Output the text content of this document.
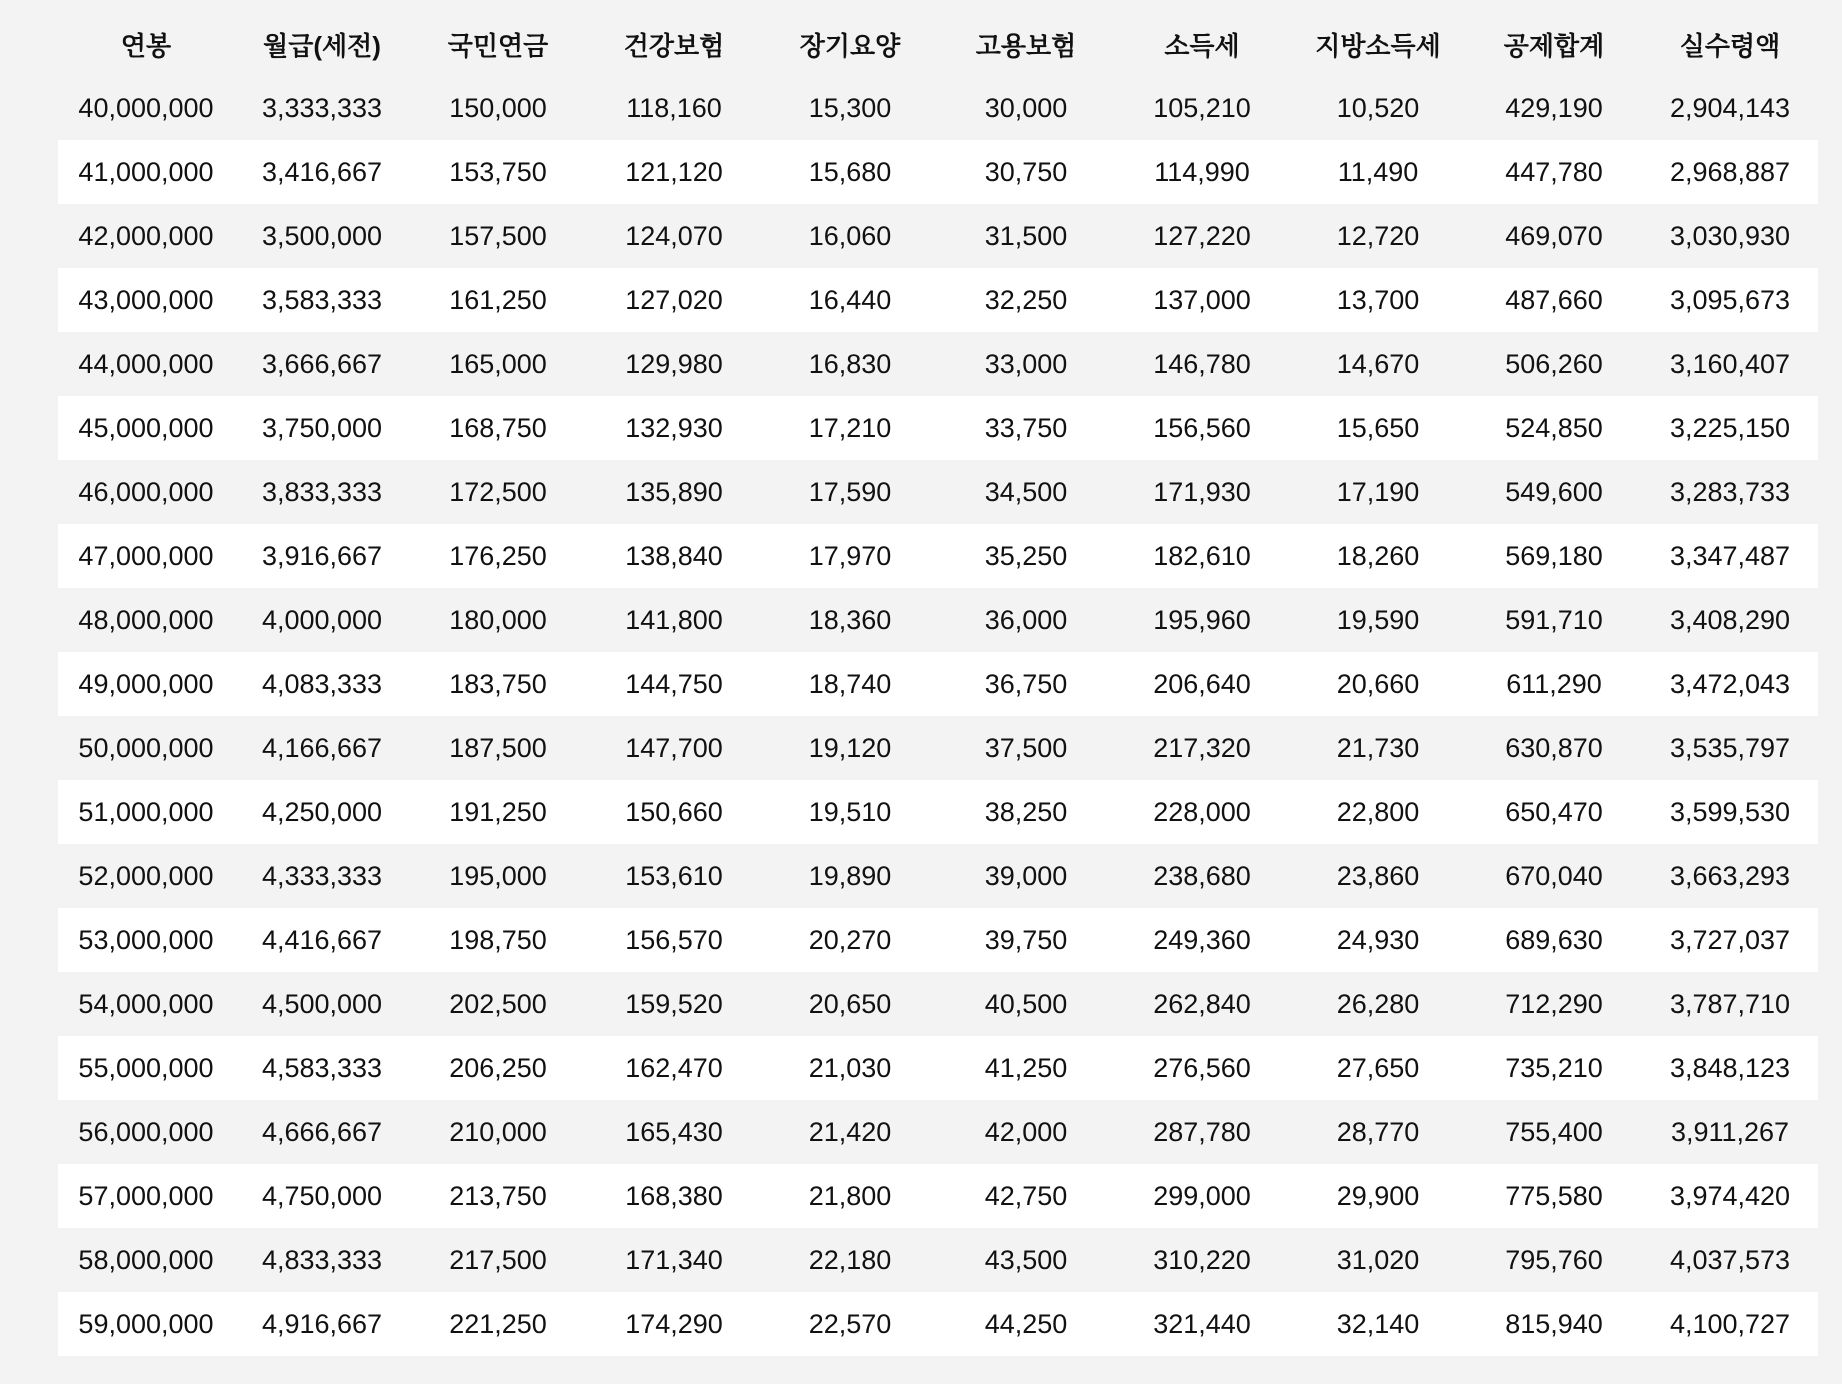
연봉	월급(세전)	국민연금	건강보험	장기요양	고용보험	소득세	지방소득세	공제합계	실수령액
40,000,000	3,333,333	150,000	118,160	15,300	30,000	105,210	10,520	429,190	2,904,143
41,000,000	3,416,667	153,750	121,120	15,680	30,750	114,990	11,490	447,780	2,968,887
42,000,000	3,500,000	157,500	124,070	16,060	31,500	127,220	12,720	469,070	3,030,930
43,000,000	3,583,333	161,250	127,020	16,440	32,250	137,000	13,700	487,660	3,095,673
44,000,000	3,666,667	165,000	129,980	16,830	33,000	146,780	14,670	506,260	3,160,407
45,000,000	3,750,000	168,750	132,930	17,210	33,750	156,560	15,650	524,850	3,225,150
46,000,000	3,833,333	172,500	135,890	17,590	34,500	171,930	17,190	549,600	3,283,733
47,000,000	3,916,667	176,250	138,840	17,970	35,250	182,610	18,260	569,180	3,347,487
48,000,000	4,000,000	180,000	141,800	18,360	36,000	195,960	19,590	591,710	3,408,290
49,000,000	4,083,333	183,750	144,750	18,740	36,750	206,640	20,660	611,290	3,472,043
50,000,000	4,166,667	187,500	147,700	19,120	37,500	217,320	21,730	630,870	3,535,797
51,000,000	4,250,000	191,250	150,660	19,510	38,250	228,000	22,800	650,470	3,599,530
52,000,000	4,333,333	195,000	153,610	19,890	39,000	238,680	23,860	670,040	3,663,293
53,000,000	4,416,667	198,750	156,570	20,270	39,750	249,360	24,930	689,630	3,727,037
54,000,000	4,500,000	202,500	159,520	20,650	40,500	262,840	26,280	712,290	3,787,710
55,000,000	4,583,333	206,250	162,470	21,030	41,250	276,560	27,650	735,210	3,848,123
56,000,000	4,666,667	210,000	165,430	21,420	42,000	287,780	28,770	755,400	3,911,267
57,000,000	4,750,000	213,750	168,380	21,800	42,750	299,000	29,900	775,580	3,974,420
58,000,000	4,833,333	217,500	171,340	22,180	43,500	310,220	31,020	795,760	4,037,573
59,000,000	4,916,667	221,250	174,290	22,570	44,250	321,440	32,140	815,940	4,100,727
